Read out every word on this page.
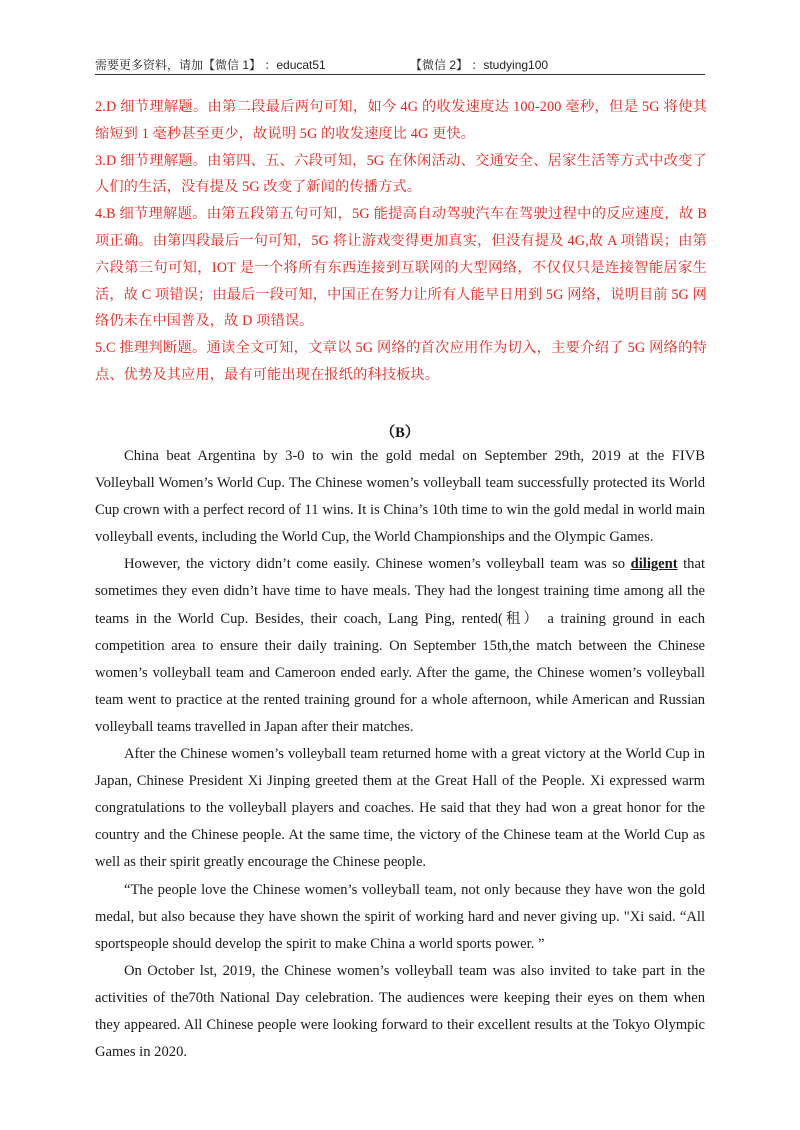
需要更多资料，请加【微信 1】 ：educat51	【微信 2】 ：studying100

2.D 细节理解题。由第二段最后两句可知，如今 4G 的收发速度达 100-200 毫秒，但是 5G 将使其缩短到 1 毫秒甚至更少，故说明 5G 的收发速度比 4G 更快。

3.D 细节理解题。由第四、五、六段可知，5G 在休闲活动、交通安全、居家生活等方式中改变了人们的生活，没有提及 5G 改变了新闻的传播方式。

4.B 细节理解题。由第五段第五句可知，5G 能提高自动驾驶汽车在驾驶过程中的反应速度，故 B 项正确。由第四段最后一句可知，5G 将让游戏变得更加真实，但没有提及 4G,故 A 项错误；由第六段第三句可知，IOT 是一个将所有东西连接到互联网的大型网络，不仅仅只是连接智能居家生活，故 C 项错误；由最后一段可知，中国正在努力让所有人能早日用到 5G 网络，说明目前 5G 网络仍未在中国普及，故 D 项错误。

5.C 推理判断题。通读全文可知，文章以 5G 网络的首次应用作为切入，主要介绍了 5G 网络的特点、优势及其应用，最有可能出现在报纸的科技板块。

（B）

China beat Argentina by 3-0 to win the gold medal on September 29th, 2019 at the FIVB Volleyball Women’s World Cup. The Chinese women’s volleyball team successfully protected its World Cup crown with a perfect record of 11 wins. It is China’s 10th time to win the gold medal in world main volleyball events, including the World Cup, the World Championships and the Olympic Games.

However, the victory didn’t come easily. Chinese women’s volleyball team was so diligent that sometimes they even didn’t have time to have meals. They had the longest training time among all the teams in the World Cup. Besides, their coach, Lang Ping, rented(租） a training ground in each competition area to ensure their daily training. On September 15th,the match between the Chinese women’s volleyball team and Cameroon ended early. After the game, the Chinese women’s volleyball team went to practice at the rented training ground for a whole afternoon, while American and Russian volleyball teams travelled in Japan after their matches.

After the Chinese women’s volleyball team returned home with a great victory at the World Cup in Japan, Chinese President Xi Jinping greeted them at the Great Hall of the People. Xi expressed warm congratulations to the volleyball players and coaches. He said that they had won a great honor for the country and the Chinese people. At the same time, the victory of the Chinese team at the World Cup as well as their spirit greatly encourage the Chinese people.

“The people love the Chinese women’s volleyball team, not only because they have won the gold medal, but also because they have shown the spirit of working hard and never giving up. "Xi said. “All sportspeople should develop the spirit to make China a world sports power. ”

On October lst, 2019, the Chinese women’s volleyball team was also invited to take part in the activities of the70th National Day celebration. The audiences were keeping their eyes on them when they appeared. All Chinese people were looking forward to their excellent results at the Tokyo Olympic Games in 2020.
